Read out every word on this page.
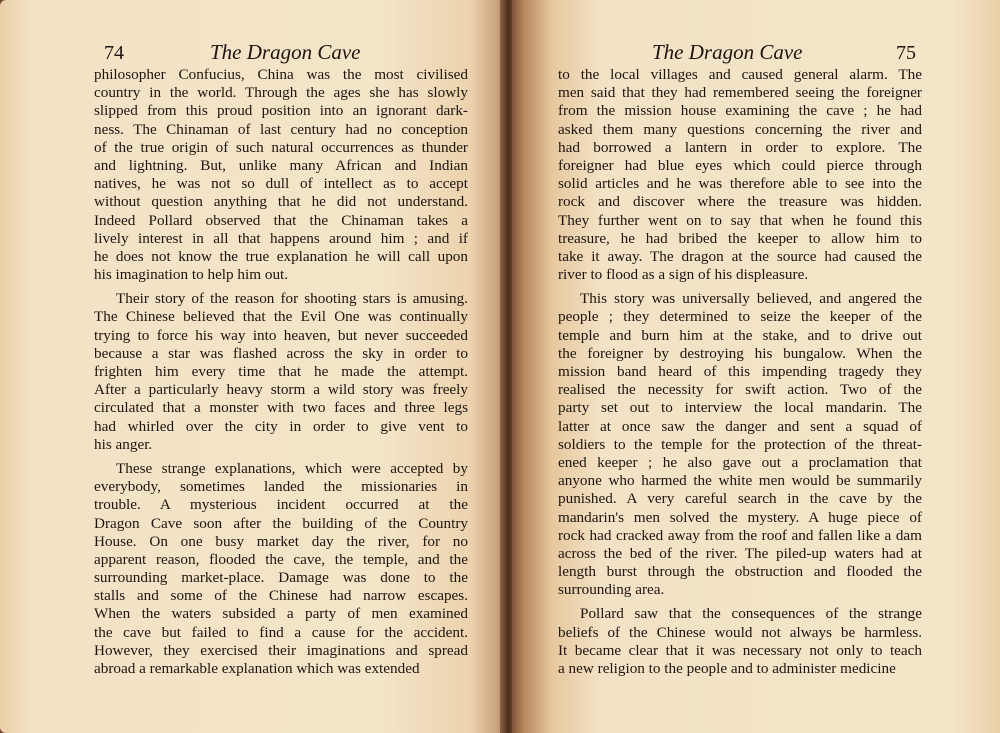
74	The Dragon Cave
philosopher Confucius, China was the most civilised
country in the world. Through the ages she has slowly
slipped from this proud position into an ignorant dark-
ness. The Chinaman of last century had no conception
of the true origin of such natural occurrences as thunder
and lightning. But, unlike many African and Indian
natives, he was not so dull of intellect as to accept
without question anything that he did not understand.
Indeed Pollard observed that the Chinaman takes a
lively interest in all that happens around him ; and if
he does not know the true explanation he will call upon
his imagination to help him out.
Their story of the reason for shooting stars is amusing.
The Chinese believed that the Evil One was continually
trying to force his way into heaven, but never succeeded
because a star was flashed across the sky in order to
frighten him every time that he made the attempt.
After a particularly heavy storm a wild story was freely
circulated that a monster with two faces and three legs
had whirled over the city in order to give vent to
his anger.
These strange explanations, which were accepted by
everybody, sometimes landed the missionaries in
trouble. A mysterious incident occurred at the
Dragon Cave soon after the building of the Country
House. On one busy market day the river, for no
apparent reason, flooded the cave, the temple, and the
surrounding market-place. Damage was done to the
stalls and some of the Chinese had narrow escapes.
When the waters subsided a party of men examined
the cave but failed to find a cause for the accident.
However, they exercised their imaginations and spread
abroad a remarkable explanation which was extended
The Dragon Cave	75
to the local villages and caused general alarm. The
men said that they had remembered seeing the foreigner
from the mission house examining the cave ; he had
asked them many questions concerning the river and
had borrowed a lantern in order to explore. The
foreigner had blue eyes which could pierce through
solid articles and he was therefore able to see into the
rock and discover where the treasure was hidden.
They further went on to say that when he found this
treasure, he had bribed the keeper to allow him to
take it away. The dragon at the source had caused the
river to flood as a sign of his displeasure.
This story was universally believed, and angered the
people ; they determined to seize the keeper of the
temple and burn him at the stake, and to drive out
the foreigner by destroying his bungalow. When the
mission band heard of this impending tragedy they
realised the necessity for swift action. Two of the
party set out to interview the local mandarin. The
latter at once saw the danger and sent a squad of
soldiers to the temple for the protection of the threat-
ened keeper ; he also gave out a proclamation that
anyone who harmed the white men would be summarily
punished. A very careful search in the cave by the
mandarin's men solved the mystery. A huge piece of
rock had cracked away from the roof and fallen like a dam
across the bed of the river. The piled-up waters had at
length burst through the obstruction and flooded the
surrounding area.
Pollard saw that the consequences of the strange
beliefs of the Chinese would not always be harmless.
It became clear that it was necessary not only to teach
a new religion to the people and to administer medicine
